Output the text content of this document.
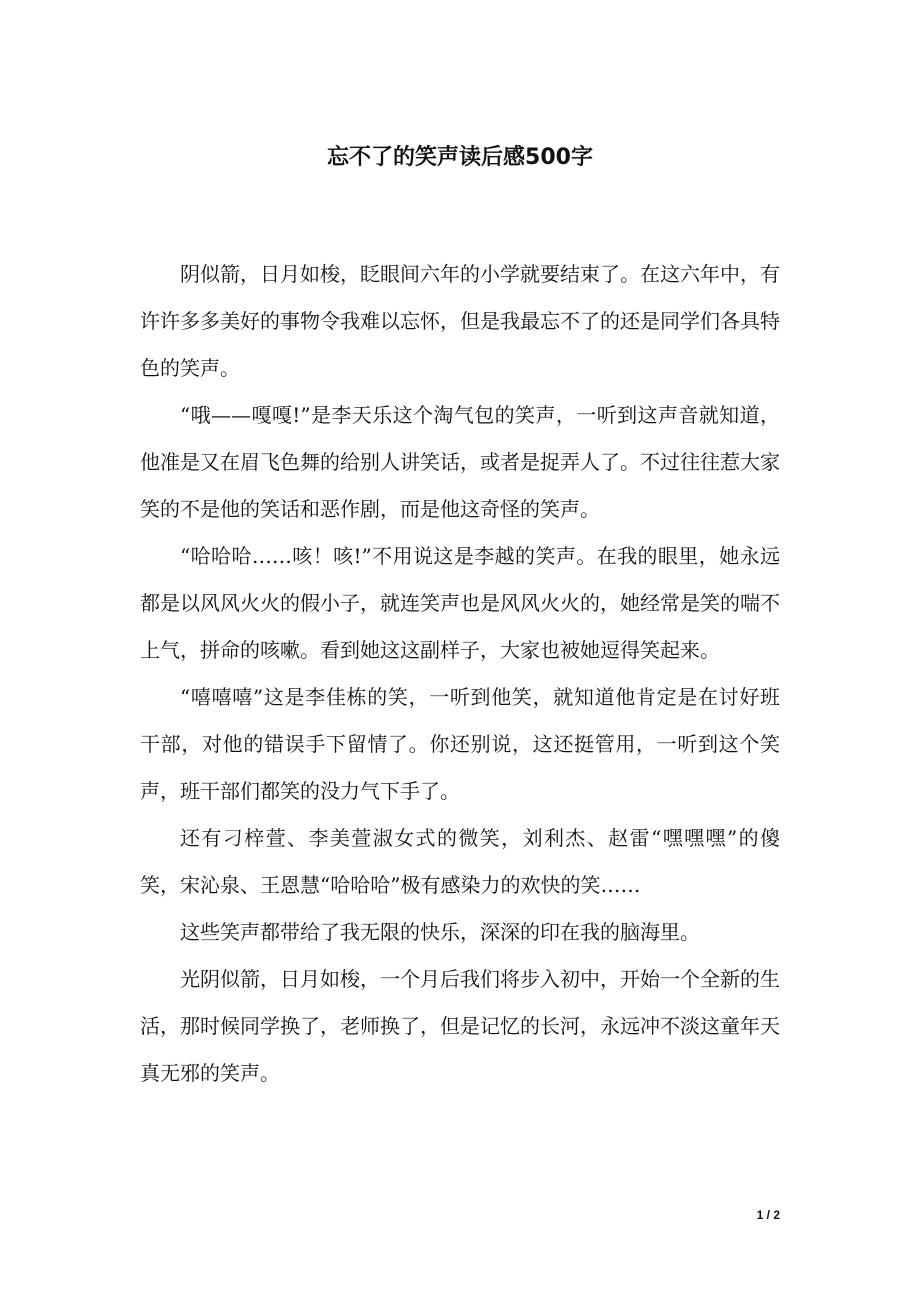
忘不了的笑声读后感500字

阴似箭，日月如梭，眨眼间六年的小学就要结束了。在这六年中，有许许多多美好的事物令我难以忘怀，但是我最忘不了的还是同学们各具特色的笑声。

“哦——嘎嘎!”是李天乐这个淘气包的笑声，一听到这声音就知道，他准是又在眉飞色舞的给别人讲笑话，或者是捉弄人了。不过往往惹大家笑的不是他的笑话和恶作剧，而是他这奇怪的笑声。

“哈哈哈……咳！咳!”不用说这是李越的笑声。在我的眼里，她永远都是以风风火火的假小子，就连笑声也是风风火火的，她经常是笑的喘不上气，拼命的咳嗽。看到她这这副样子，大家也被她逗得笑起来。

“嘻嘻嘻”这是李佳栋的笑，一听到他笑，就知道他肯定是在讨好班干部，对他的错误手下留情了。你还别说，这还挺管用，一听到这个笑声，班干部们都笑的没力气下手了。

还有刁梓萱、李美萱淑女式的微笑，刘利杰、赵雷“嘿嘿嘿”的傻笑，宋沁泉、王恩慧“哈哈哈”极有感染力的欢快的笑……

这些笑声都带给了我无限的快乐，深深的印在我的脑海里。

光阴似箭，日月如梭，一个月后我们将步入初中，开始一个全新的生活，那时候同学换了，老师换了，但是记忆的长河，永远冲不淡这童年天真无邪的笑声。

1 / 2
